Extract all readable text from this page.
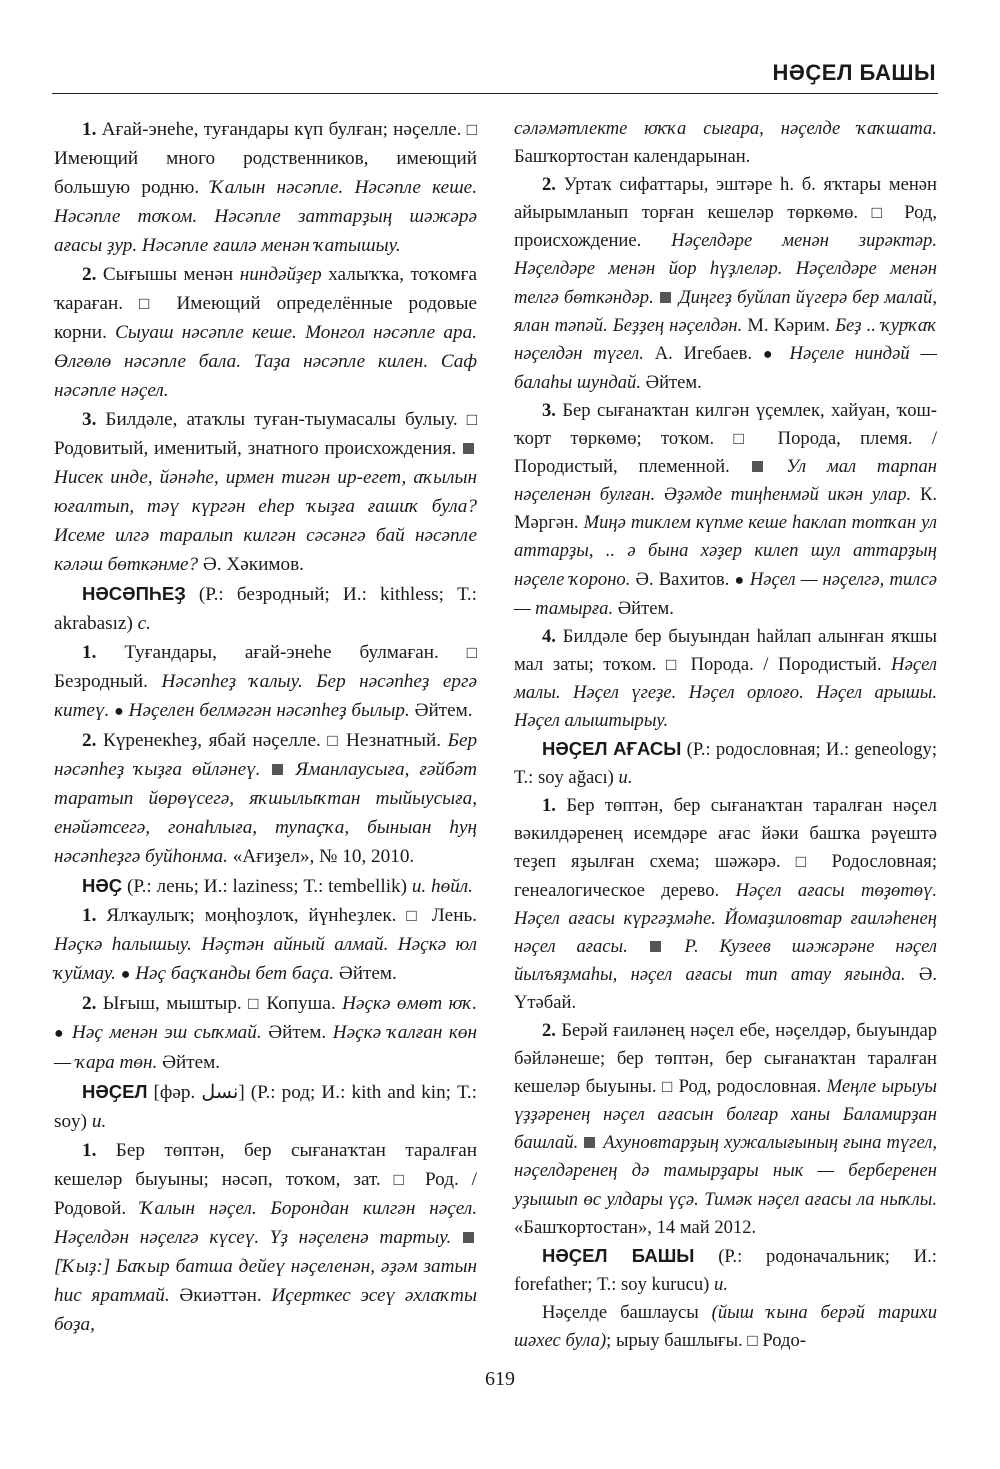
НӘҪЕЛ БАШЫ

1. Ағай-энеһе, туғандары күп булған; нәҫелле. □ Имеющий много родственников, имеющий большую родню. Ҡалын нәсәпле. Нәсәпле кеше. Нәсәпле тоҡом. Нәсәпле заттарҙың шәжәрә ағасы ҙур. Нәсәпле ғаилә менән ҡатышыу.

2. Сығышы менән ниндәйҙер халыҡҡа, тоҡомға ҡараған. □ Имеющий определённые родовые корни. Сыуаш нәсәпле кеше. Монгол нәсәпле ара. Өлгөлө нәсәпле бала. Таҙа нәсәпле килен. Саф нәсәпле нәҫел.

3. Билдәле, атаҡлы туған-тыумасалы булыу. □ Родовитый, именитый, знатного происхождения.  Нисек инде, йәнәһе, ирмен тигән ир-егет, аҡылын юғалтып, тәү күргән еһер ҡыҙға ғашиҡ була? Исеме илгә таралып килгән сәсәнгә бай нәсәпле кәләш бөткәнме? Ә. Хәкимов.

НӘСӘПҺЕҘ (Р.: безродный; И.: kithless; Т.: akrabasız) с.

1. Туғандары, ағай-энеһе булмаған. □ Безродный. Нәсәпһеҙ ҡалыу. Бер нәсәпһеҙ ергә китеү. ● Нәҫелен белмәгән нәсәпһеҙ былыр. Әйтем.

2. Күренекһеҙ, ябай нәҫелле. □ Незнатный. Бер нәсәпһеҙ ҡыҙға өйләнеү. Яманлаусыға, ғәйбәт таратып йөрөүсегә, яҡшылыҡтан тыйыусыға, енәйәтсегә, гонаһлыға, тупаҫҡа, быныан һуң нәсәпһеҙгә буйһонма. «Ағиҙел», № 10, 2010.

НӘҪ (Р.: лень; И.: laziness; Т.: tembellik) и. һөйл.

1. Ялҡаулыҡ; моңһоҙлоҡ, йүнһеҙлек. □ Лень. Нәҫкә һалышыу. Нәҫтән айный алмай. Нәҫкә юл ҡуймау. ● Нәҫ баҫҡанды бет баҫа. Әйтем.

2. Ығыш, мыштыр. □ Копуша. Нәҫкә өмөт юҡ. ● Нәҫ менән эш сыҡмай. Әйтем. Нәҫкә ҡалған көн — ҡара төн. Әйтем.

НӘҪЕЛ [фәр. نسل] (Р.: род; И.: kith and kin; Т.: soy) и.

1. Бер төптән, бер сығанаҡтан таралған кешеләр быуыны; нәсәп, тоҡом, зат. □ Род. / Родовой. Ҡалын нәҫел. Борондан килгән нәҫел. Нәҫелдән нәҫелгә күсеү. Үҙ нәҫеленә тартыу.  [Ҡыҙ:] Баҡыр батша дейеү нәҫеленән, әҙәм затын һис яратмай. Әкиәттән. Иҫерткес эсеү әхлаҡты боҙа,

сәләмәтлекте юҡҡа сығара, нәҫелде ҡаҡшата. Башҡортостан календарынан.

2. Уртаҡ сифаттары, эштәре һ. б. яҡтары менән айырымланып торған кешеләр төркөмө. □ Род, происхождение. Нәҫелдәре менән зирәктәр. Нәҫелдәре менән йор һүҙлеләр. Нәҫелдәре менән телгә бөткәндәр. Диңгеҙ буйлап йүгерә бер малай, ялан тәпәй. Беҙҙең нәҫелдән. М. Кәрим. Беҙ .. ҡурҡаҡ нәҫелдән түгел. А. Игебаев. ● Нәҫеле ниндәй — балаһы шундай. Әйтем.

3. Бер сығанаҡтан килгән үҫемлек, хайуан, ҡош-ҡорт төркөмө; тоҡом. □ Порода, племя. / Породистый, племенной.	Ул мал тарпан нәҫеленән булған. Әҙәмде тиңһенмәй икән улар. К. Мәргән. Миңә тиклем күпме кеше һаклап тотҡан ул аттарҙы, .. ә бына хәҙер килеп шул аттарҙың нәҫеле ҡороно. Ә. Вахитов. ● Нәҫел — нәҫелгә, тилсә — тамырға. Әйтем.

4. Билдәле бер быуындан һайлап алынған яҡшы мал заты; тоҡом. □ Порода. / Породистый. Нәҫел малы. Нәҫел үгеҙе. Нәҫел орлоғо. Нәҫел арышы. Нәҫел алыштырыу.

НӘҪЕЛ АҒАСЫ (Р.: родословная; И.: geneology; Т.: soy ağacı) и.

1. Бер төптән, бер сығанаҡтан таралған нәҫел вәкилдәренең исемдәре ағас йәки башҡа рәүештә теҙеп яҙылған схема; шәжәрә. □ Родословная; генеалогическое дерево. Нәҫел ағасы төҙөтөү. Нәҫел ағасы күргәҙмәһе. Йомаҙиловтар ғаиләһенең нәҫел ағасы.	Р. Кузеев шәжәрәне нәҫел йылъяҙмаһы, нәҫел ағасы тип атау яғында. Ә. Үтәбай.

2. Берәй ғаиләнең нәҫел ебе, нәҫелдәр, быуындар бәйләнеше; бер төптән, бер сығанаҡтан таралған кешеләр быуыны. □ Род, родословная. Меңле ырыуы үҙҙәренең нәҫел ағасын болғар ханы Баламирҙан башлай. Ахуновтарҙың хужалығының ғына түгел, нәҫелдәренең дә тамырҙары нык — берберенен уҙышып өс улдары үҫә. Тимәк нәҫел ағасы ла ныҡлы. «Башҡортостан», 14 май 2012.

НӘҪЕЛ БАШЫ (Р.: родоначальник; И.: forefather; Т.: soy kurucu) и.

Нәҫелде башлаусы (йыш ҡына берәй тарихи шәхес була); ырыу башлығы. □ Родо-

619
